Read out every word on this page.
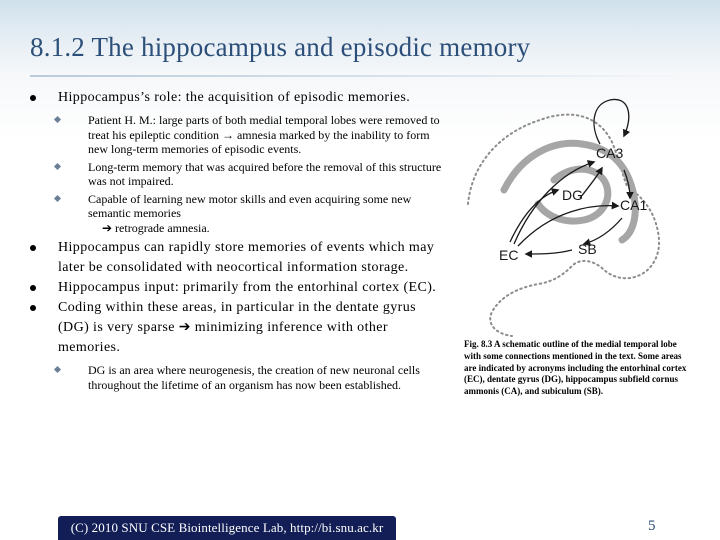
8.1.2 The hippocampus and episodic memory
Hippocampus’s role: the acquisition of episodic memories.
Patient H. M.: large parts of both medial temporal lobes were removed to treat his epileptic condition → amnesia marked by the inability to form new long-term memories of episodic events.
Long-term memory that was acquired before the removal of this structure was not impaired.
Capable of learning new motor skills and even acquiring some new semantic memories
➔ retrograde amnesia.
Hippocampus can rapidly store memories of events which may later be consolidated with neocortical information storage.
Hippocampus input: primarily from the entorhinal cortex (EC).
Coding within these areas, in particular in the dentate gyrus (DG) is very sparse ➔ minimizing inference with other memories.
DG is an area where neurogenesis, the creation of new neuronal cells throughout the lifetime of an organism has now been established.
CA3
DG
CA1
EC	SB
Fig. 8.3 A schematic outline of the medial temporal lobe with some connections mentioned in the text. Some areas are indicated by acronyms including the entorhinal cortex (EC), dentate gyrus (DG), hippocampus subfield cornus ammonis (CA), and subiculum (SB).
(C) 2010 SNU CSE Biointelligence Lab, http://bi.snu.ac.kr	5
